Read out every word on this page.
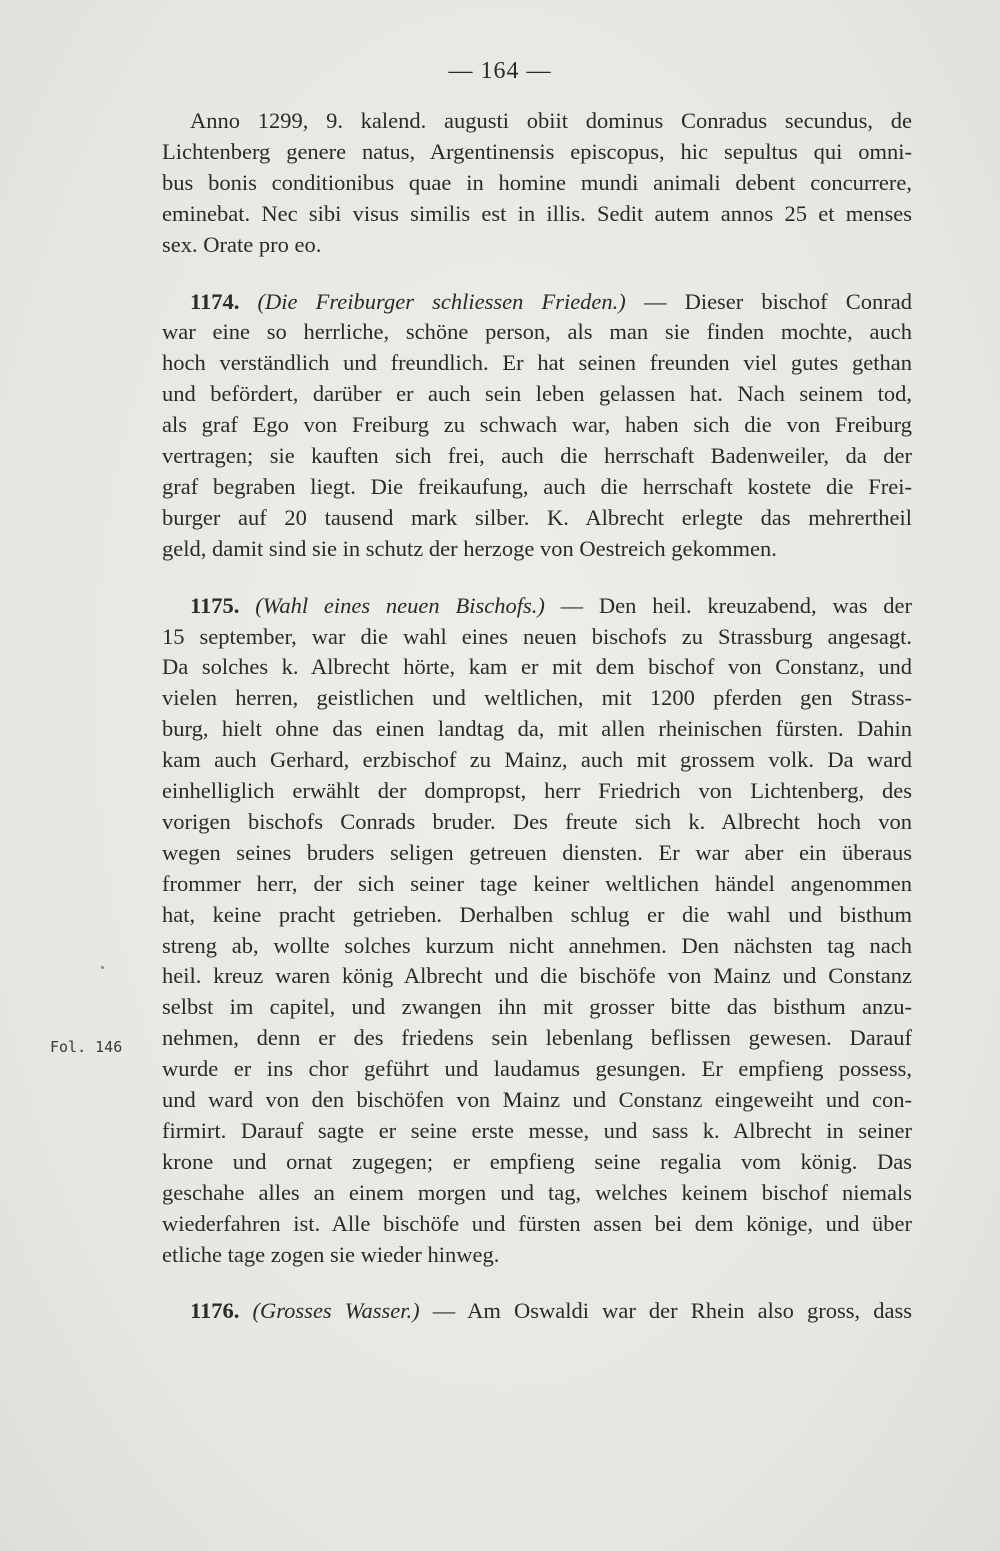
— 164 —
Fol. 146
Anno 1299, 9. kalend. augusti obiit dominus Conradus secundus, de
Lichtenberg genere natus, Argentinensis episcopus, hic sepultus qui omni-
bus bonis conditionibus quae in homine mundi animali debent concurrere,
eminebat. Nec sibi visus similis est in illis. Sedit autem annos 25 et menses
sex. Orate pro eo.
1174. (Die Freiburger schliessen Frieden.) — Dieser bischof Conrad
war eine so herrliche, schöne person, als man sie finden mochte, auch
hoch verständlich und freundlich. Er hat seinen freunden viel gutes gethan
und befördert, darüber er auch sein leben gelassen hat. Nach seinem tod,
als graf Ego von Freiburg zu schwach war, haben sich die von Freiburg
vertragen; sie kauften sich frei, auch die herrschaft Badenweiler, da der
graf begraben liegt. Die freikaufung, auch die herrschaft kostete die Frei-
burger auf 20 tausend mark silber. K. Albrecht erlegte das mehrertheil
geld, damit sind sie in schutz der herzoge von Oestreich gekommen.
1175. (Wahl eines neuen Bischofs.) — Den heil. kreuzabend, was der
15 september, war die wahl eines neuen bischofs zu Strassburg angesagt.
Da solches k. Albrecht hörte, kam er mit dem bischof von Constanz, und
vielen herren, geistlichen und weltlichen, mit 1200 pferden gen Strass-
burg, hielt ohne das einen landtag da, mit allen rheinischen fürsten. Dahin
kam auch Gerhard, erzbischof zu Mainz, auch mit grossem volk. Da ward
einhelliglich erwählt der dompropst, herr Friedrich von Lichtenberg, des
vorigen bischofs Conrads bruder. Des freute sich k. Albrecht hoch von
wegen seines bruders seligen getreuen diensten. Er war aber ein überaus
frommer herr, der sich seiner tage keiner weltlichen händel angenommen
hat, keine pracht getrieben. Derhalben schlug er die wahl und bisthum
streng ab, wollte solches kurzum nicht annehmen. Den nächsten tag nach
heil. kreuz waren könig Albrecht und die bischöfe von Mainz und Constanz
selbst im capitel, und zwangen ihn mit grosser bitte das bisthum anzu-
nehmen, denn er des friedens sein lebenlang beflissen gewesen. Darauf
wurde er ins chor geführt und laudamus gesungen. Er empfieng possess,
und ward von den bischöfen von Mainz und Constanz eingeweiht und con-
firmirt. Darauf sagte er seine erste messe, und sass k. Albrecht in seiner
krone und ornat zugegen; er empfieng seine regalia vom könig. Das
geschahe alles an einem morgen und tag, welches keinem bischof niemals
wiederfahren ist. Alle bischöfe und fürsten assen bei dem könige, und über
etliche tage zogen sie wieder hinweg.
1176. (Grosses Wasser.) — Am Oswaldi war der Rhein also gross, dass
